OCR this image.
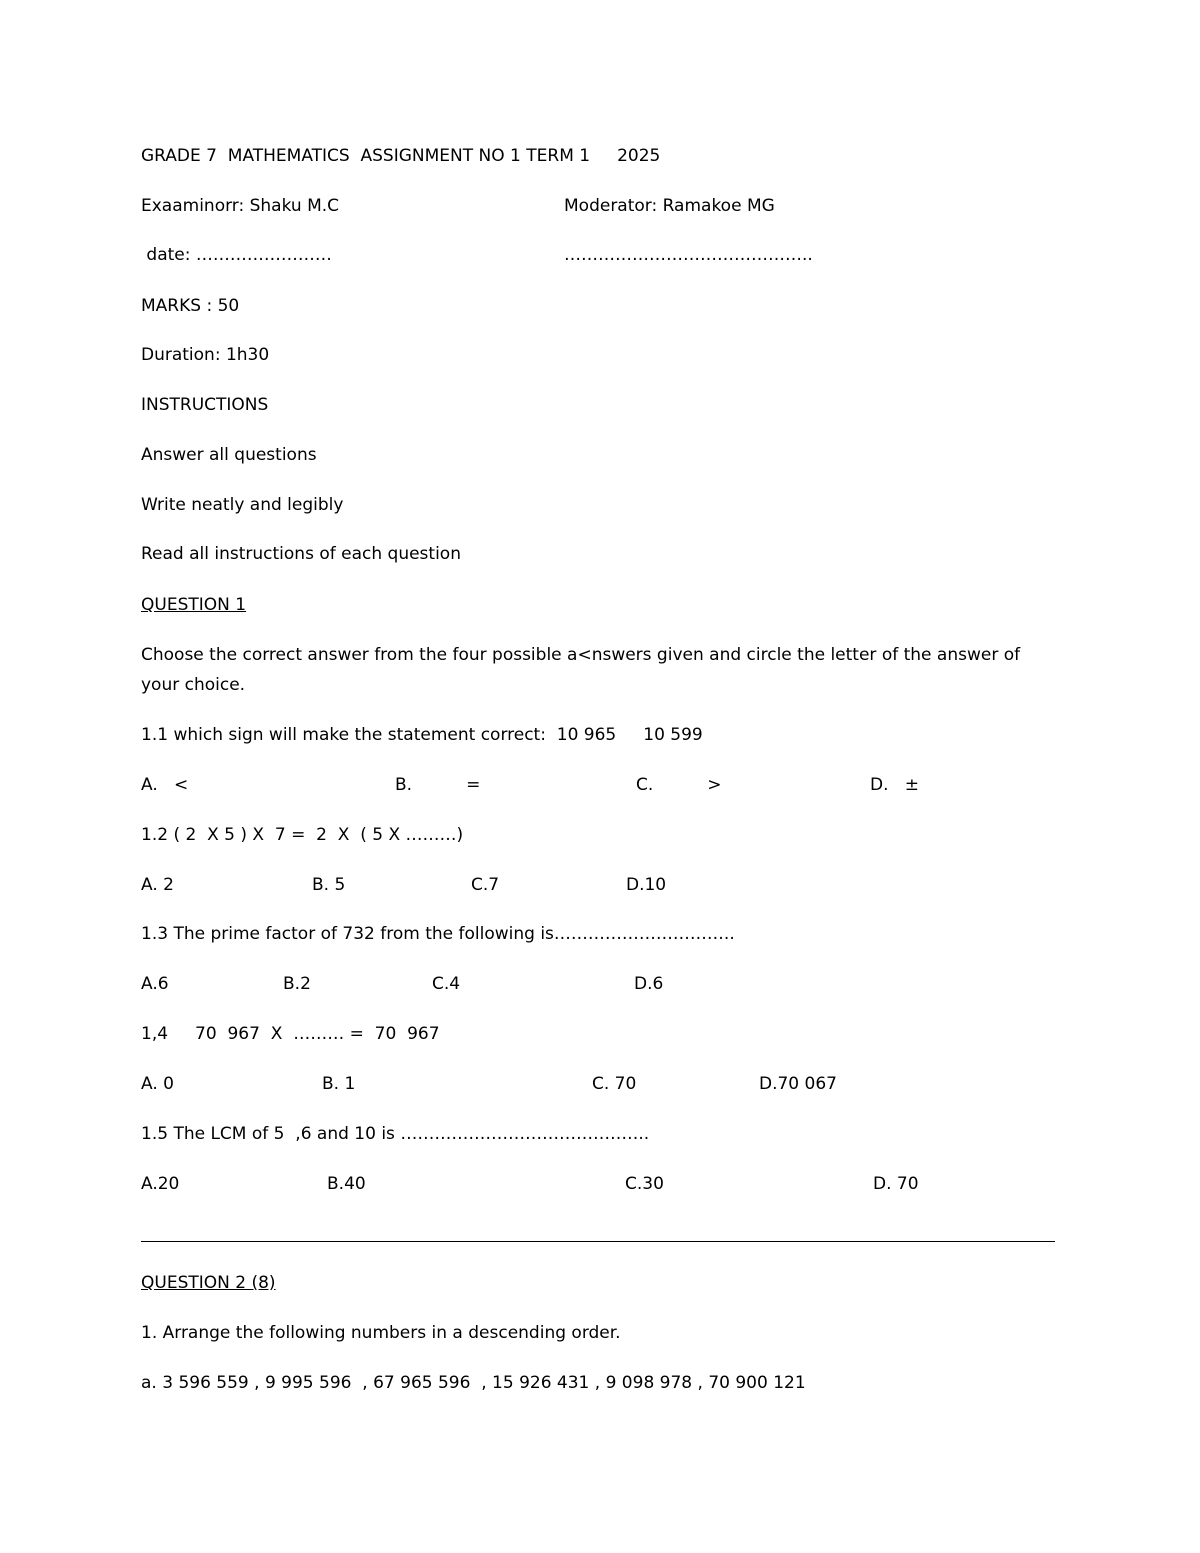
GRADE 7  MATHEMATICS  ASSIGNMENT NO 1 TERM 1     2025
Exaaminorr: Shaku M.C	Moderator: Ramakoe MG
date: ……………………	……………………………………..
MARKS : 50
Duration: 1h30
INSTRUCTIONS
Answer all questions
Write neatly and legibly
Read all instructions of each question
QUESTION 1
Choose the correct answer from the four possible a<nswers given and circle the letter of the answer of your choice.
1.1 which sign will make the statement correct:  10 965     10 599
A.   <	B.          =	C.          >	D.   ±
1.2 ( 2  X 5 ) X  7 =  2  X  ( 5 X ………)
A. 2	B. 5	C.7	D.10
1.3 The prime factor of 732 from the following is…………………………..
A.6	B.2	C.4	D.6
1,4     70  967  X  ……… =  70  967
A. 0	B. 1	C. 70	D.70 067
1.5 The LCM of 5  ,6 and 10 is ……………………………………..
A.20	B.40	C.30	D. 70
QUESTION 2 (8)
1. Arrange the following numbers in a descending order.
a. 3 596 559 , 9 995 596  , 67 965 596  , 15 926 431 , 9 098 978 , 70 900 121
